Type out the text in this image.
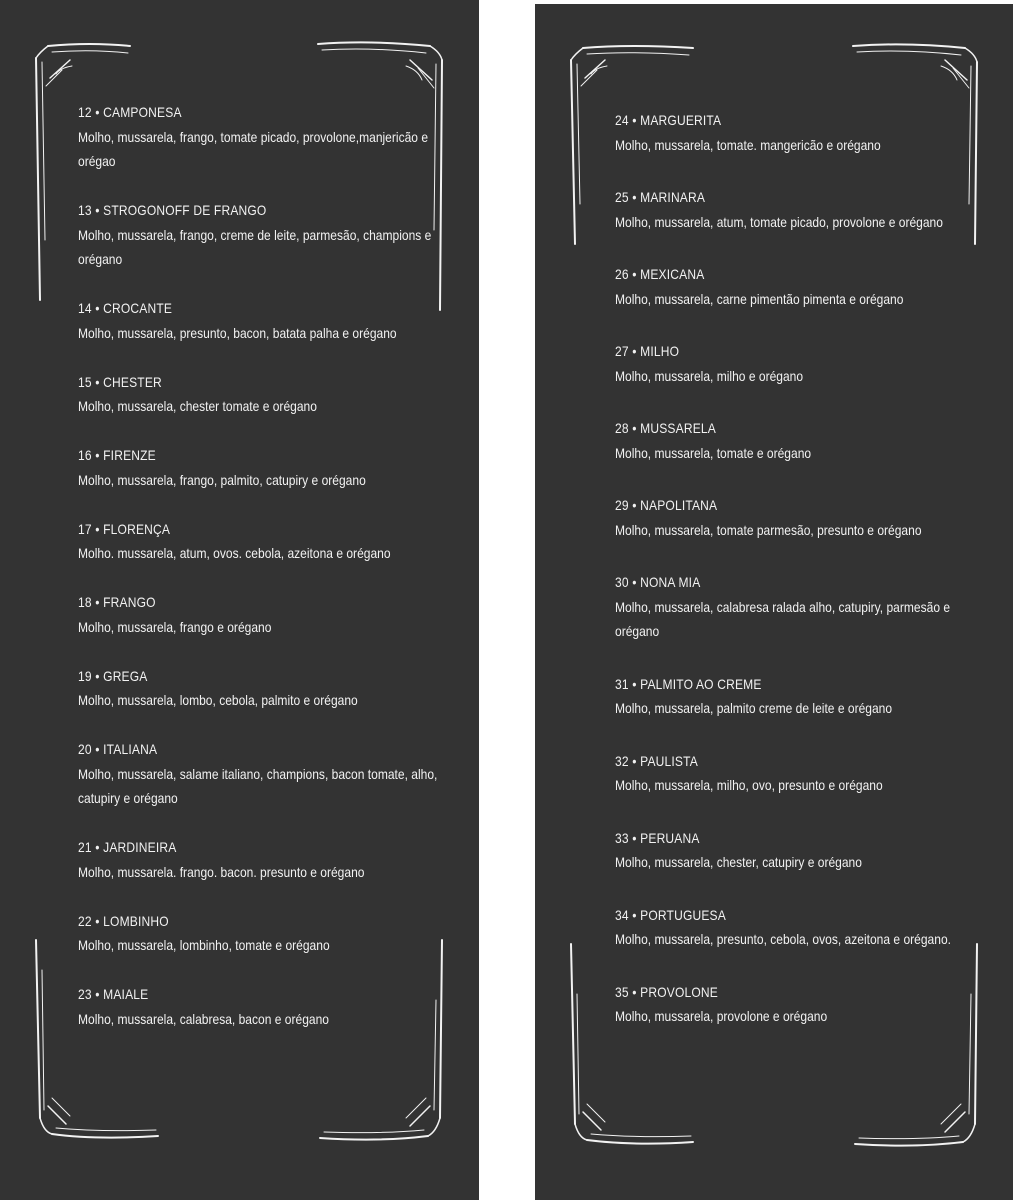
12 • CAMPONESA
Molho, mussarela, frango, tomate picado, provolone,manjericão e orégao
13 • STROGONOFF DE FRANGO
Molho, mussarela, frango, creme de leite, parmesão, champions e orégano
14 • CROCANTE
Molho, mussarela, presunto, bacon, batata palha e orégano
15 • CHESTER
Molho, mussarela, chester tomate e orégano
16 • FIRENZE
Molho, mussarela, frango, palmito, catupiry e orégano
17 • FLORENÇA
Molho. mussarela, atum, ovos. cebola, azeitona e orégano
18 • FRANGO
Molho, mussarela, frango e orégano
19 • GREGA
Molho, mussarela, lombo, cebola, palmito e orégano
20 • ITALIANA
Molho, mussarela, salame italiano, champions, bacon tomate, alho, catupiry e orégano
21 • JARDINEIRA
Molho, mussarela. frango. bacon. presunto e orégano
22 • LOMBINHO
Molho, mussarela, lombinho, tomate e orégano
23 • MAIALE
Molho, mussarela, calabresa, bacon e orégano
24 • MARGUERITA
Molho, mussarela, tomate. mangericão e orégano
25 • MARINARA
Molho, mussarela, atum, tomate picado, provolone e orégano
26 • MEXICANA
Molho, mussarela, carne pimentão pimenta e orégano
27 • MILHO
Molho, mussarela, milho e orégano
28 • MUSSARELA
Molho, mussarela, tomate e orégano
29 • NAPOLITANA
Molho, mussarela, tomate parmesão, presunto e orégano
30 • NONA MIA
Molho, mussarela, calabresa ralada alho, catupiry, parmesão e orégano
31 • PALMITO AO CREME
Molho, mussarela, palmito creme de leite e orégano
32 • PAULISTA
Molho, mussarela, milho, ovo, presunto e orégano
33 • PERUANA
Molho, mussarela, chester, catupiry e orégano
34 • PORTUGUESA
Molho, mussarela, presunto, cebola, ovos, azeitona e orégano.
35 • PROVOLONE
Molho, mussarela, provolone e orégano
